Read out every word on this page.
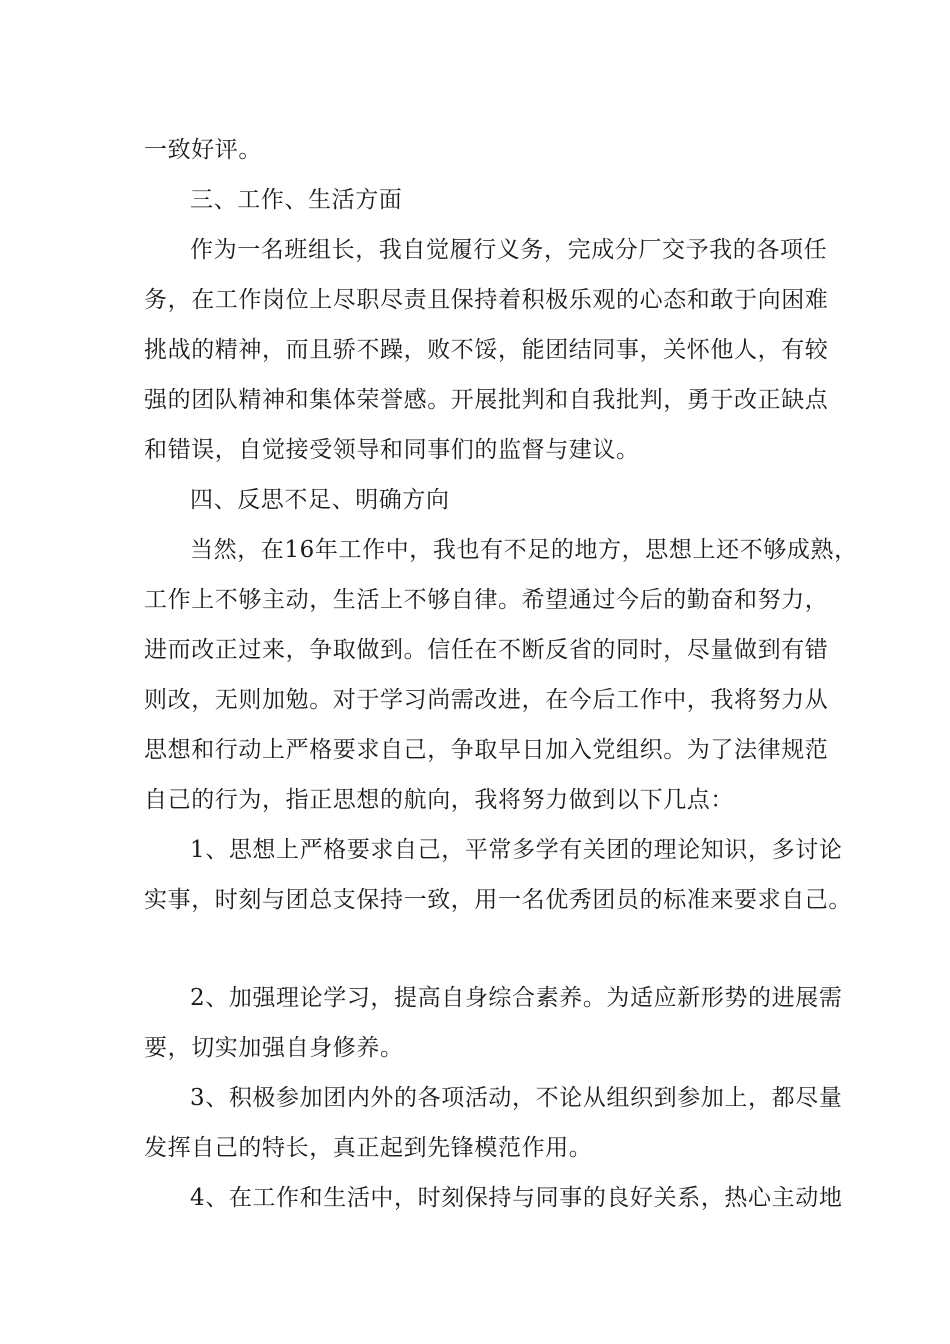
一致好评。
三、工作、生活方面
作为一名班组长，我自觉履行义务，完成分厂交予我的各项任
务，在工作岗位上尽职尽责且保持着积极乐观的心态和敢于向困难
挑战的精神，而且骄不躁，败不馁，能团结同事，关怀他人，有较
强的团队精神和集体荣誉感。开展批判和自我批判，勇于改正缺点
和错误，自觉接受领导和同事们的监督与建议。
四、反思不足、明确方向
当然，在16年工作中，我也有不足的地方，思想上还不够成熟，
工作上不够主动，生活上不够自律。希望通过今后的勤奋和努力，
进而改正过来，争取做到。信任在不断反省的同时，尽量做到有错
则改，无则加勉。对于学习尚需改进，在今后工作中，我将努力从
思想和行动上严格要求自己，争取早日加入党组织。为了法律规范
自己的行为，指正思想的航向，我将努力做到以下几点：
1、思想上严格要求自己，平常多学有关团的理论知识，多讨论
实事，时刻与团总支保持一致，用一名优秀团员的标准来要求自己。
2、加强理论学习，提高自身综合素养。为适应新形势的进展需
要，切实加强自身修养。
3、积极参加团内外的各项活动，不论从组织到参加上，都尽量
发挥自己的特长，真正起到先锋模范作用。
4、在工作和生活中，时刻保持与同事的良好关系，热心主动地
